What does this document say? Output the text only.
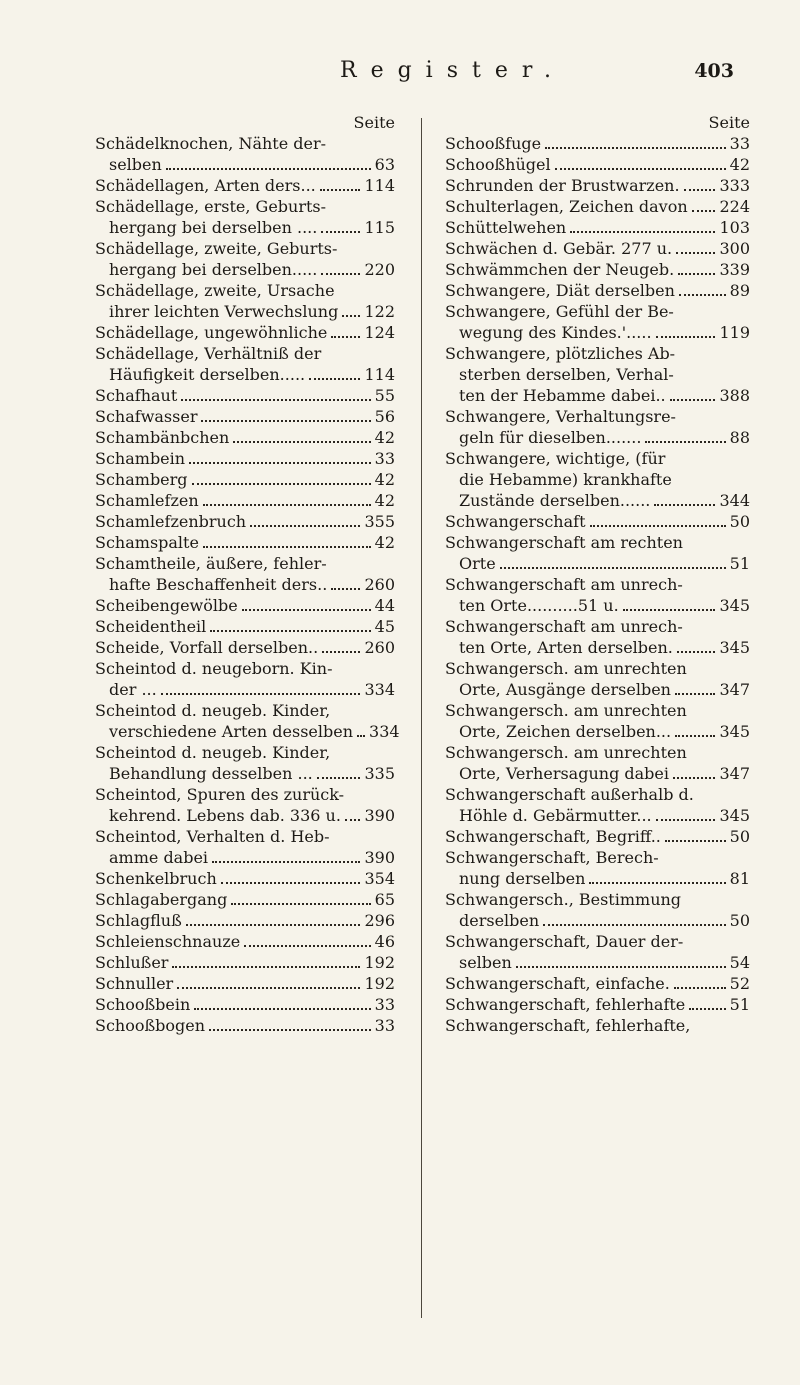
Register.	403
Seite
Schädelknochen, Nähte der-
selben	63
Schädellagen, Arten ders...	114
Schädellage, erste, Geburts-
hergang bei derselben ....	115
Schädellage, zweite, Geburts-
hergang bei derselben.....	220
Schädellage, zweite, Ursache
ihrer leichten Verwechslung 122
Schädellage, ungewöhnliche 124
Schädellage, Verhältniß der
Häufigkeit derselben.....	114
Schafhaut	55
Schafwasser	56
Schambänbchen	42
Schambein	33
Schamberg	42
Schamlefzen	42
Schamlefzenbruch	355
Schamspalte	42
Schamtheile, äußere, fehler-
hafte Beschaffenheit ders.. 260
Scheibengewölbe	44
Scheidentheil	45
Scheide, Vorfall derselben..	260
Scheintod d. neugeborn. Kin-
der ...	334
Scheintod d. neugeb. Kinder,
verschiedene Arten desselben 334
Scheintod d. neugeb. Kinder,
Behandlung desselben ...	335
Scheintod, Spuren des zurück-
kehrend. Lebens dab. 336 u. 390
Scheintod, Verhalten d. Heb-
amme dabei	390
Schenkelbruch	354
Schlagabergang	65
Schlagfluß	296
Schleienschnauze	46
Schlußer	192
Schnuller	192
Schooßbein	33
Schooßbogen	33
Seite
Schooßfuge	33
Schooßhügel	42
Schrunden der Brustwarzen. 333
Schulterlagen, Zeichen davon 224
Schüttelwehen	103
Schwächen d. Gebär. 277 u.	300
Schwämmchen der Neugeb.	339
Schwangere, Diät derselben	89
Schwangere, Gefühl der Be-
wegung des Kindes.'.....	119
Schwangere, plötzliches Ab-
sterben derselben, Verhal-
ten der Hebamme dabei..	388
Schwangere, Verhaltungsre-
geln für dieselben.......	88
Schwangere, wichtige, (für
die Hebamme) krankhafte
Zustände derselben......	344
Schwangerschaft	50
Schwangerschaft am rechten
Orte	51
Schwangerschaft am unrech-
ten Orte..........51 u.	345
Schwangerschaft am unrech-
ten Orte, Arten derselben.	345
Schwangersch. am unrechten
Orte, Ausgänge derselben	347
Schwangersch. am unrechten
Orte, Zeichen derselben...	345
Schwangersch. am unrechten
Orte, Verhersagung dabei	347
Schwangerschaft außerhalb d.
Höhle d. Gebärmutter...	345
Schwangerschaft, Begriff..	50
Schwangerschaft, Berech-
nung derselben	81
Schwangersch., Bestimmung
derselben	50
Schwangerschaft, Dauer der-
selben	54
Schwangerschaft, einfache.	52
Schwangerschaft, fehlerhafte	51
Schwangerschaft, fehlerhafte,
